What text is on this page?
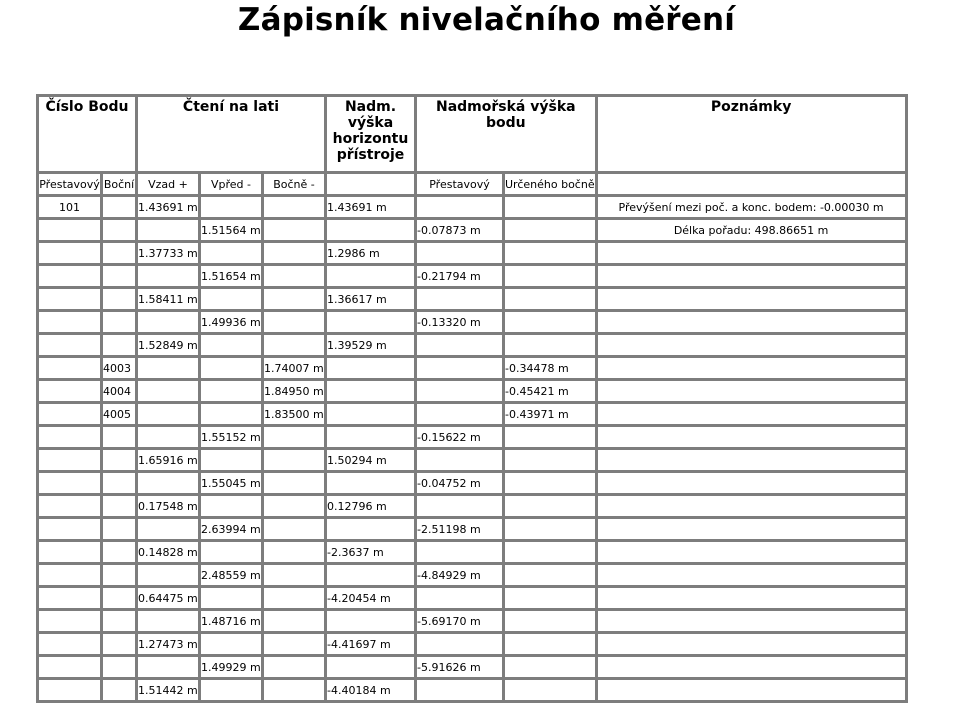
Zápisník nivelačního měření
Číslo Bodu		Čtení na lati			Nadm. výška horizontu přístroje	Nadmořská výška bodu		Poznámky
Přestavový	Boční	Vzad +	Vpřed -	Bočně -		Přestavový	Určeného bočně	
101		1.43691 m			1.43691 m			Převýšení mezi poč. a konc. bodem: -0.00030 m
			1.51564 m			-0.07873 m		Délka pořadu: 498.86651 m
		1.37733 m			1.2986 m			
			1.51654 m			-0.21794 m		
		1.58411 m			1.36617 m			
			1.49936 m			-0.13320 m		
		1.52849 m			1.39529 m			
	4003			1.74007 m			-0.34478 m	
	4004			1.84950 m			-0.45421 m	
	4005			1.83500 m			-0.43971 m	
			1.55152 m			-0.15622 m		
		1.65916 m			1.50294 m			
			1.55045 m			-0.04752 m		
		0.17548 m			0.12796 m			
			2.63994 m			-2.51198 m		
		0.14828 m			-2.3637 m			
			2.48559 m			-4.84929 m		
		0.64475 m			-4.20454 m			
			1.48716 m			-5.69170 m		
		1.27473 m			-4.41697 m			
			1.49929 m			-5.91626 m		
		1.51442 m			-4.40184 m			
